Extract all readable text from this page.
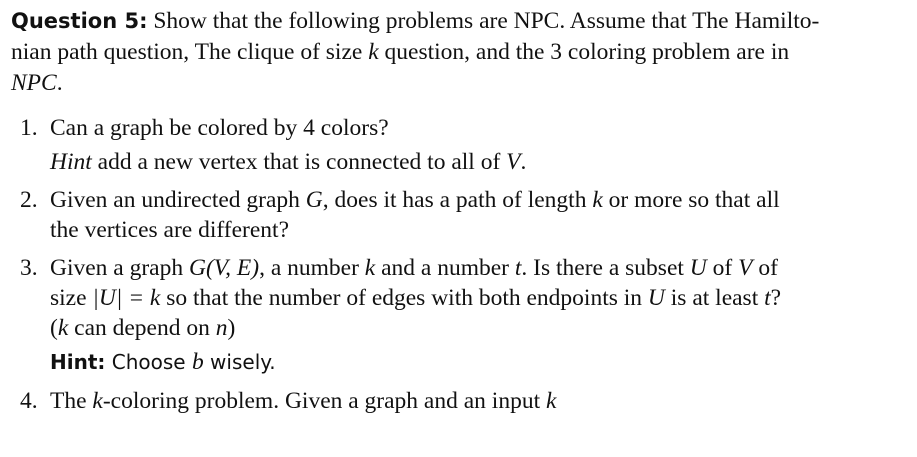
Question 5: Show that the following problems are NPC. Assume that The Hamilto-
nian path question, The clique of size k question, and the 3 coloring problem are in
NPC.
1. Can a graph be colored by 4 colors?
Hint add a new vertex that is connected to all of V.
2. Given an undirected graph G, does it has a path of length k or more so that all
the vertices are different?
3. Given a graph G(V, E), a number k and a number t. Is there a subset U of V of
size |U| = k so that the number of edges with both endpoints in U is at least t?
(k can depend on n)
Hint: Choose b wisely.
4. The k-coloring problem. Given a graph and an input k
